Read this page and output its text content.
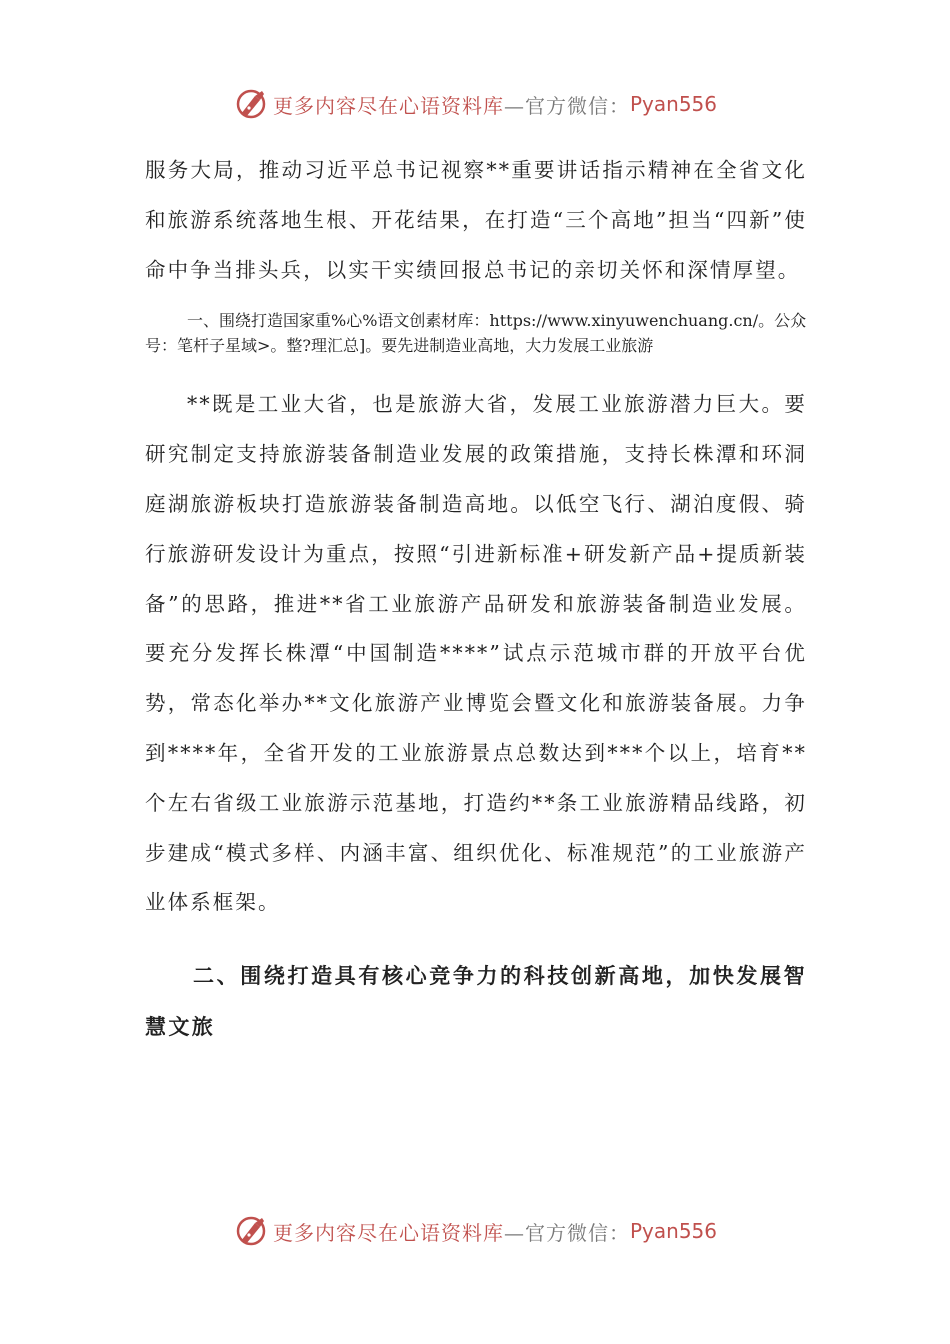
更多内容尽在心语资料库 —官方微信： Pyan556

服务大局，推动习近平总书记视察**重要讲话指示精神在全省文化和旅游系统落地生根、开花结果，在打造“三个高地”担当“四新”使命中争当排头兵，以实干实绩回报总书记的亲切关怀和深情厚望。

一、围绕打造国家重%心%语文创素材库：https://www.xinyuwenchuang.cn/。公众号：笔杆子星域>。整?理汇总]。要先进制造业高地，大力发展工业旅游

**既是工业大省，也是旅游大省，发展工业旅游潜力巨大。要研究制定支持旅游装备制造业发展的政策措施，支持长株潭和环洞庭湖旅游板块打造旅游装备制造高地。以低空飞行、湖泊度假、骑行旅游研发设计为重点，按照“引进新标准+研发新产品+提质新装备”的思路，推进**省工业旅游产品研发和旅游装备制造业发展。要充分发挥长株潭“中国制造****”试点示范城市群的开放平台优势，常态化举办**文化旅游产业博览会暨文化和旅游装备展。力争到****年，全省开发的工业旅游景点总数达到***个以上，培育**个左右省级工业旅游示范基地，打造约**条工业旅游精品线路，初步建成“模式多样、内涵丰富、组织优化、标准规范”的工业旅游产业体系框架。

二、围绕打造具有核心竞争力的科技创新高地，加快发展智慧文旅

更多内容尽在心语资料库 —官方微信： Pyan556
